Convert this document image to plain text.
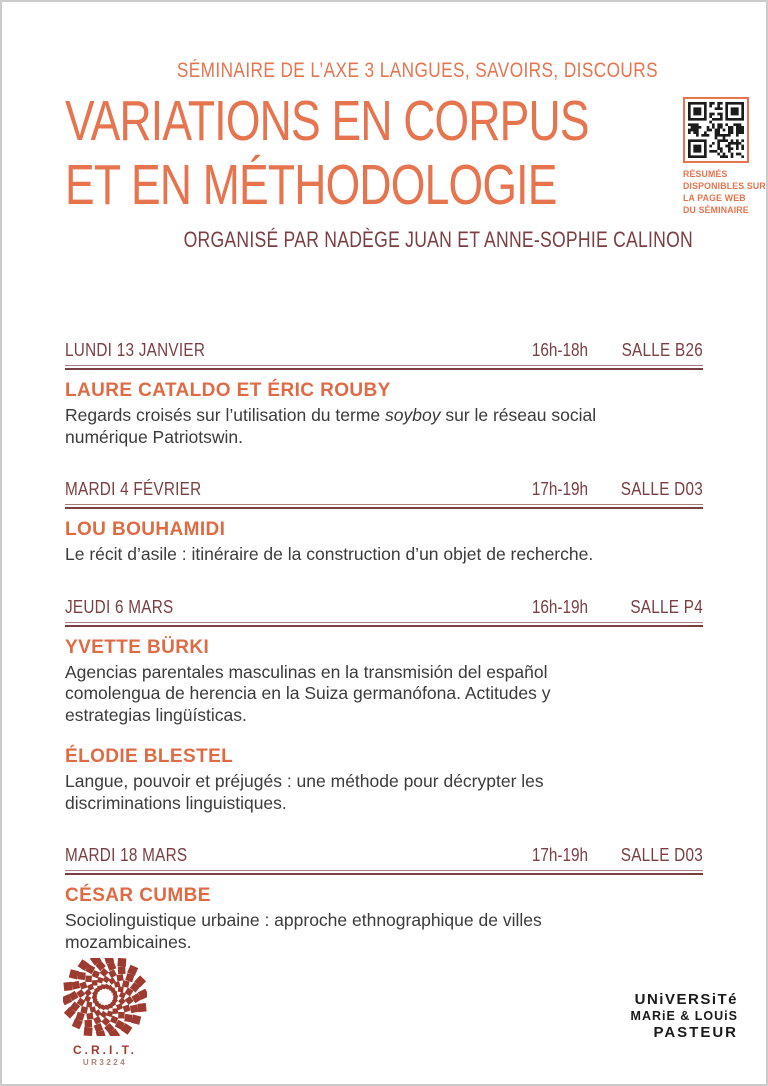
SÉMINAIRE DE L’AXE 3 LANGUES, SAVOIRS, DISCOURS
VARIATIONS EN CORPUS
ET EN MÉTHODOLOGIE
ORGANISÉ PAR NADÈGE JUAN ET ANNE-SOPHIE CALINON
RÉSUMÉS
DISPONIBLES SUR
LA PAGE WEB
DU SÉMINAIRE
LUNDI 13 JANVIER	16h-18h	SALLE B26
LAURE CATALDO ET ÉRIC ROUBY

Regards croisés sur l’utilisation du terme soyboy sur le réseau social numérique Patriotswin.

MARDI 4 FÉVRIER	17h-19h	SALLE D03
LOU BOUHAMIDI

Le récit d’asile : itinéraire de la construction d’un objet de recherche.

JEUDI 6 MARS	16h-19h	SALLE P4
YVETTE BÜRKI

Agencias parentales masculinas en la transmisión del español comolengua de herencia en la Suiza germanófona. Actitudes y estrategias lingüísticas.

ÉLODIE BLESTEL

Langue, pouvoir et préjugés : une méthode pour décrypter les discriminations linguistiques.

MARDI 18 MARS	17h-19h	SALLE D03
CÉSAR CUMBE

Sociolinguistique urbaine : approche ethnographique de villes mozambicaines.

C.R.I.T.
UR3224
UNiVERSiTé
MARiE & LOUiS
PASTEUR
